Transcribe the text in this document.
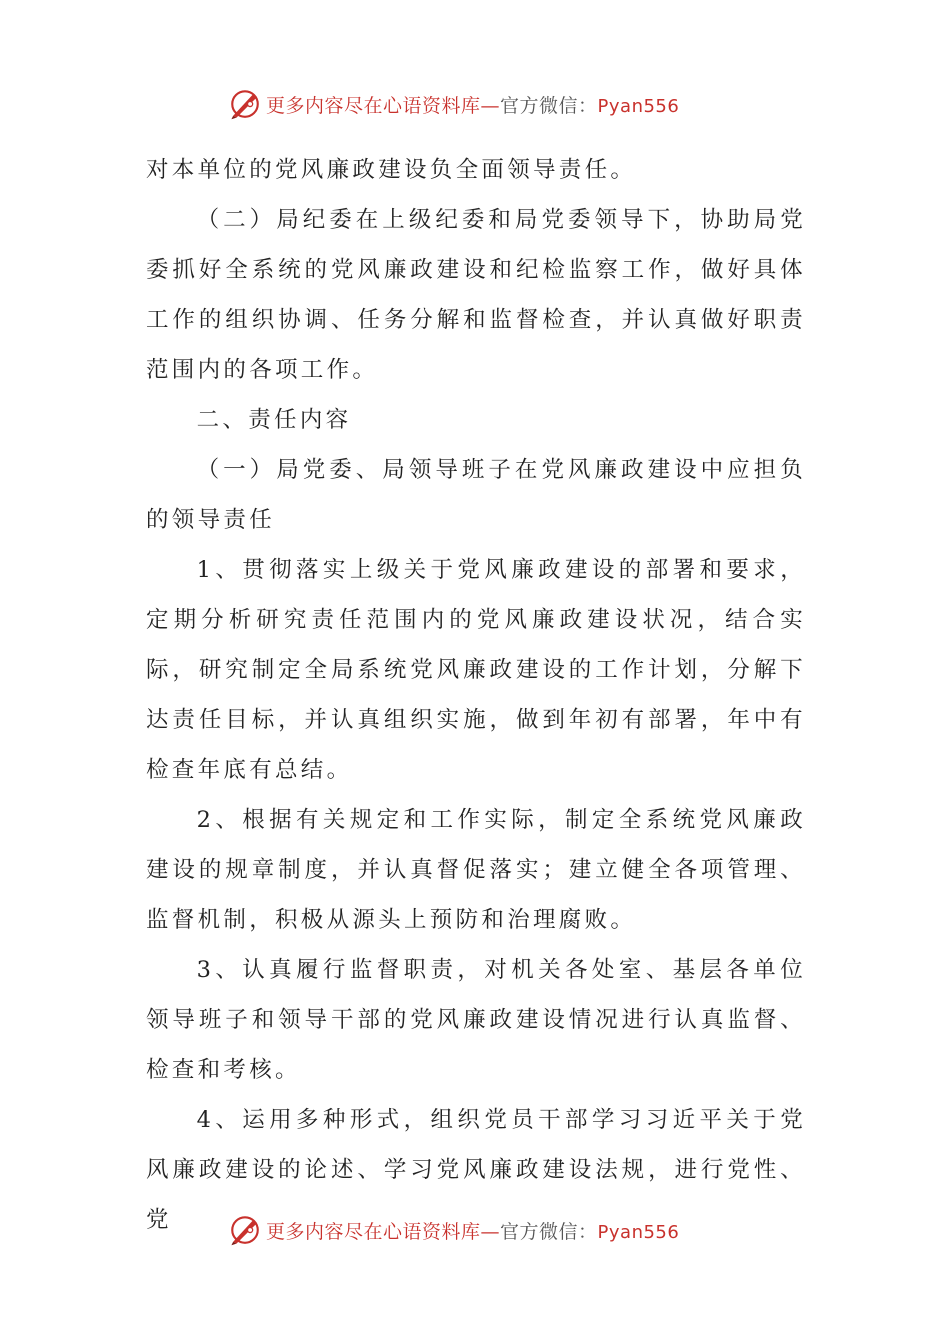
更多内容尽在心语资料库—官方微信：Pyan556

对本单位的党风廉政建设负全面领导责任。

（二）局纪委在上级纪委和局党委领导下，协助局党委抓好全系统的党风廉政建设和纪检监察工作，做好具体工作的组织协调、任务分解和监督检查，并认真做好职责范围内的各项工作。

二、责任内容

（一）局党委、局领导班子在党风廉政建设中应担负的领导责任

1、贯彻落实上级关于党风廉政建设的部署和要求，定期分析研究责任范围内的党风廉政建设状况，结合实际，研究制定全局系统党风廉政建设的工作计划，分解下达责任目标，并认真组织实施，做到年初有部署，年中有检查年底有总结。

2、根据有关规定和工作实际，制定全系统党风廉政建设的规章制度，并认真督促落实；建立健全各项管理、监督机制，积极从源头上预防和治理腐败。

3、认真履行监督职责，对机关各处室、基层各单位领导班子和领导干部的党风廉政建设情况进行认真监督、检查和考核。

4、运用多种形式，组织党员干部学习习近平关于党风廉政建设的论述、学习党风廉政建设法规，进行党性、党	更多内容尽在心语资料库—官方微信：Pyan556
